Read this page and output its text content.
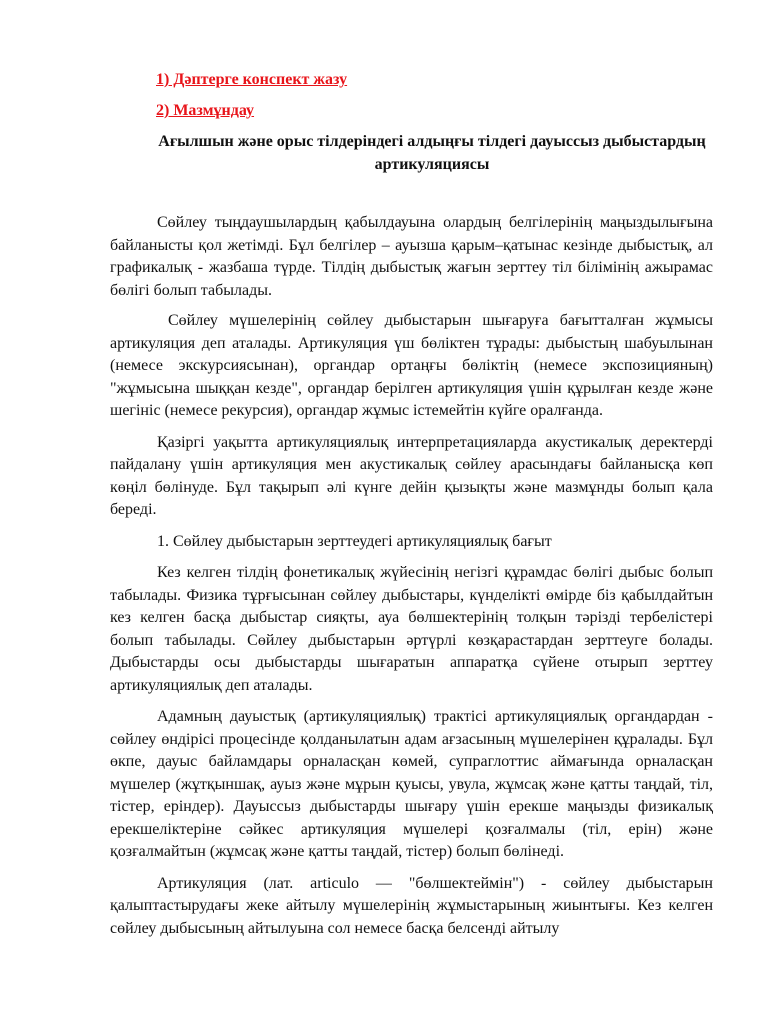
1) Дәптерге конспект жазу

2) Мазмұндау

Ағылшын және орыс тілдеріндегі алдыңғы тілдегі дауыссыз дыбыстардың артикуляциясы

Сөйлеу тыңдаушылардың қабылдауына олардың белгілерінің маңыздылығына байланысты қол жетімді. Бұл белгілер – ауызша қарым–қатынас кезінде дыбыстық, ал графикалық - жазбаша түрде. Тілдің дыбыстық жағын зерттеу тіл білімінің ажырамас бөлігі болып табылады.

Сөйлеу мүшелерінің сөйлеу дыбыстарын шығаруға бағытталған жұмысы артикуляция деп аталады. Артикуляция үш бөліктен тұрады: дыбыстың шабуылынан (немесе экскурсиясынан), органдар ортаңғы бөліктің (немесе экспозицияның) "жұмысына шыққан кезде", органдар берілген артикуляция үшін құрылған кезде және шегініс (немесе рекурсия), органдар жұмыс істемейтін күйге оралғанда.

Қазіргі уақытта артикуляциялық интерпретацияларда акустикалық деректерді пайдалану үшін артикуляция мен акустикалық сөйлеу арасындағы байланысқа көп көңіл бөлінуде. Бұл тақырып әлі күнге дейін қызықты және мазмұнды болып қала береді.

1. Сөйлеу дыбыстарын зерттеудегі артикуляциялық бағыт

Кез келген тілдің фонетикалық жүйесінің негізгі құрамдас бөлігі дыбыс болып табылады. Физика тұрғысынан сөйлеу дыбыстары, күнделікті өмірде біз қабылдайтын кез келген басқа дыбыстар сияқты, ауа бөлшектерінің толқын тәрізді тербелістері болып табылады. Сөйлеу дыбыстарын әртүрлі көзқарастардан зерттеуге болады. Дыбыстарды осы дыбыстарды шығаратын аппаратқа сүйене отырып зерттеу артикуляциялық деп аталады.

Адамның дауыстық (артикуляциялық) трактісі артикуляциялық органдардан - сөйлеу өндірісі процесінде қолданылатын адам ағзасының мүшелерінен құралады. Бұл өкпе, дауыс байламдары орналасқан көмей, супраглоттис аймағында орналасқан мүшелер (жұтқыншақ, ауыз және мұрын қуысы, увула, жұмсақ және қатты таңдай, тіл, тістер, еріндер). Дауыссыз дыбыстарды шығару үшін ерекше маңызды физикалық ерекшеліктеріне сәйкес артикуляция мүшелері қозғалмалы (тіл, ерін) және қозғалмайтын (жұмсақ және қатты таңдай, тістер) болып бөлінеді.

Артикуляция (лат. articulo — "бөлшектеймін") - сөйлеу дыбыстарын қалыптастырудағы жеке айтылу мүшелерінің жұмыстарының жиынтығы. Кез келген сөйлеу дыбысының айтылуына сол немесе басқа белсенді айтылу
